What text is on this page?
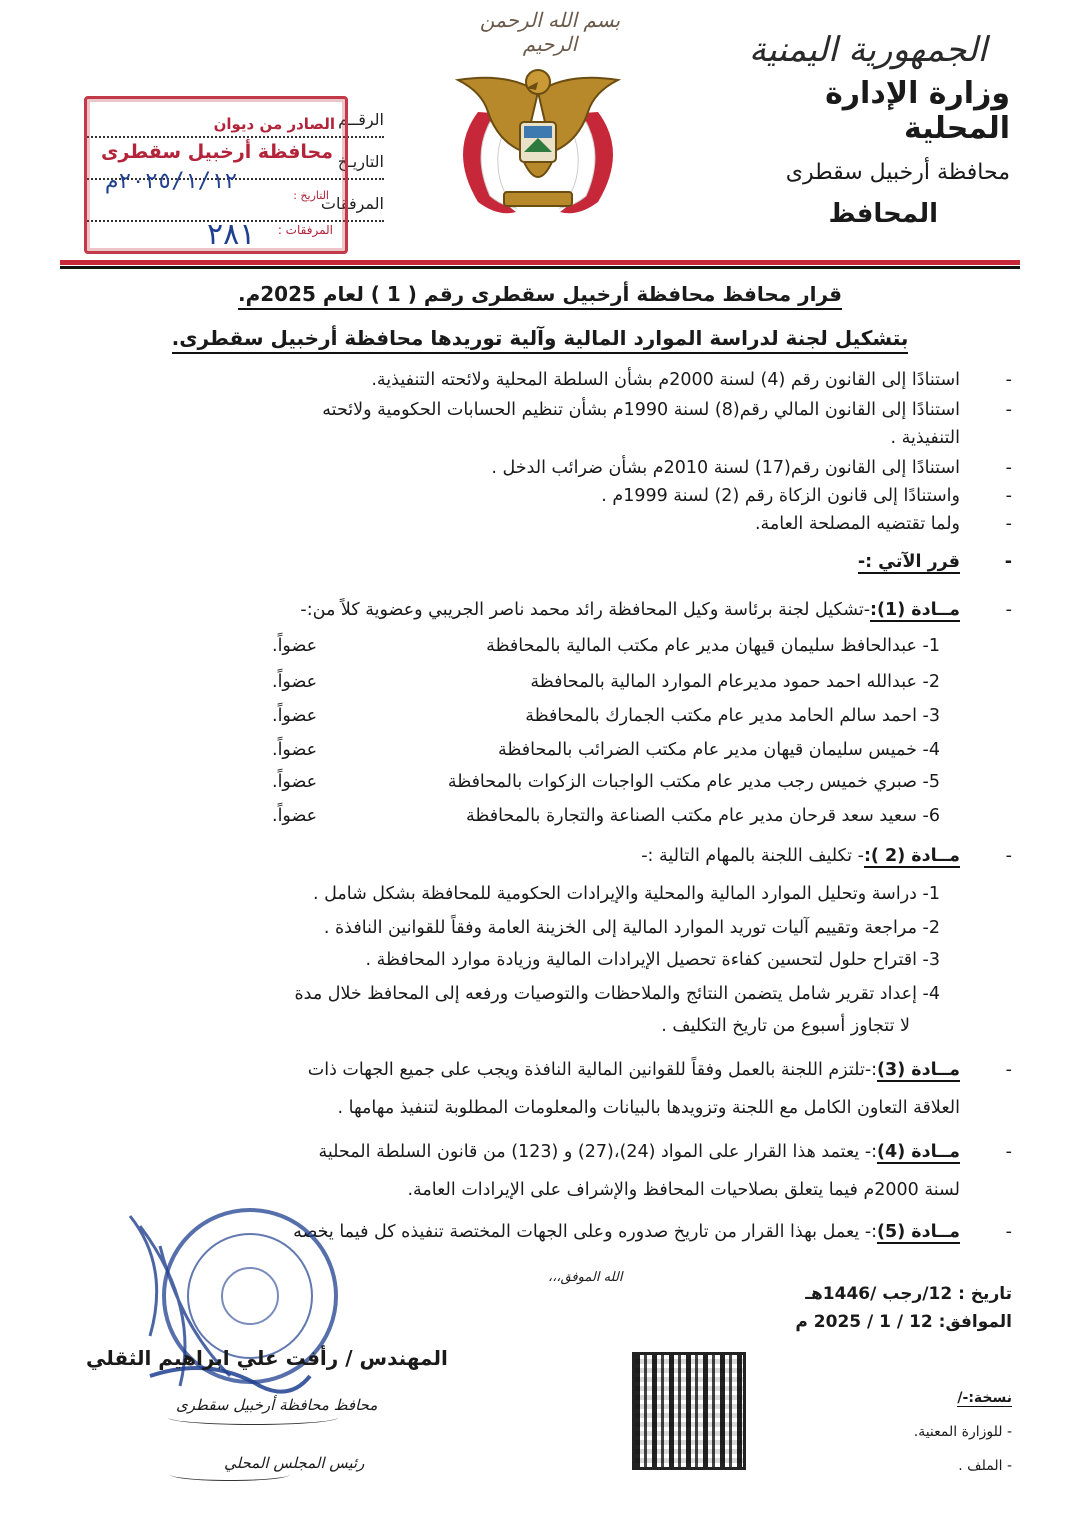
بسم الله الرحمن الرحيم	الجمهورية اليمنية
وزارة الإدارة المحلية
محافظة أرخبيل سقطرى
المحافظ
الرقــم
التاريـخ
المرفقات
الصادر من ديوان
محافظة أرخبيل سقطرى
٢٠٢٥/١/١٢م
التاريخ :
٢٨١ المرفقات :
قرار محافظ محافظة أرخبيل سقطرى رقم ( 1 ) لعام 2025م.
بتشكيل لجنة لدراسة الموارد المالية وآلية توريدها محافظة أرخبيل سقطرى.
-
استنادًا إلى القانون رقم (4) لسنة 2000م بشأن السلطة المحلية ولائحته التنفيذية.
-
استنادًا إلى القانون المالي رقم(8) لسنة 1990م بشأن تنظيم الحسابات الحكومية ولائحته
التنفيذية .
-
استنادًا إلى القانون رقم(17) لسنة 2010م بشأن ضرائب الدخل .
-
واستنادًا إلى قانون الزكاة رقم (2) لسنة 1999م .
-
ولما تقتضيه المصلحة العامة.
-
قرر الآتي :-
-
مــادة (1):-تشكيل لجنة برئاسة وكيل المحافظة رائد محمد ناصر الجريبي وعضوية كلاً من:-
1- عبدالحافظ سليمان قيهان مدير عام مكتب المالية بالمحافظة
عضواً.
2- عبدالله احمد حمود مديرعام الموارد المالية بالمحافظة
عضواً.
3- احمد سالم الحامد مدير عام مكتب الجمارك بالمحافظة
عضواً.
4- خميس سليمان قيهان مدير عام مكتب الضرائب بالمحافظة
عضواً.
5- صبري خميس رجب مدير عام مكتب الواجبات الزكوات بالمحافظة
عضواً.
6- سعيد سعد قرحان مدير عام مكتب الصناعة والتجارة بالمحافظة
عضواً.
-
مــادة (2 ):- تكليف اللجنة بالمهام التالية :-
1- دراسة وتحليل الموارد المالية والمحلية والإيرادات الحكومية للمحافظة بشكل شامل .
2- مراجعة وتقييم آليات توريد الموارد المالية إلى الخزينة العامة وفقاً للقوانين النافذة .
3- اقتراح حلول لتحسين كفاءة تحصيل الإيرادات المالية وزيادة موارد المحافظة .
4- إعداد تقرير شامل يتضمن النتائج والملاحظات والتوصيات ورفعه إلى المحافظ خلال مدة
لا تتجاوز أسبوع من تاريخ التكليف .
-
مــادة (3):-تلتزم اللجنة بالعمل وفقاً للقوانين المالية النافذة ويجب على جميع الجهات ذات
العلاقة التعاون الكامل مع اللجنة وتزويدها بالبيانات والمعلومات المطلوبة لتنفيذ مهامها .
-
مــادة (4):- يعتمد هذا القرار على المواد (24)،(27) و (123) من قانون السلطة المحلية
لسنة 2000م فيما يتعلق بصلاحيات المحافظ والإشراف على الإيرادات العامة.
-
مــادة (5):- يعمل بهذا القرار من تاريخ صدوره وعلى الجهات المختصة تنفيذه كل فيما يخصه
الله الموفق،،،
تاريخ : 12/رجب /1446هـ
الموافق: 12 / 1 / 2025 م
المهندس / رأفت علي ابراهيم الثقلي
محافظ محافظة أرخبيل سقطرى
رئيس المجلس المحلي
نسخة:-/
- للوزارة المعنية.
- الملف .
